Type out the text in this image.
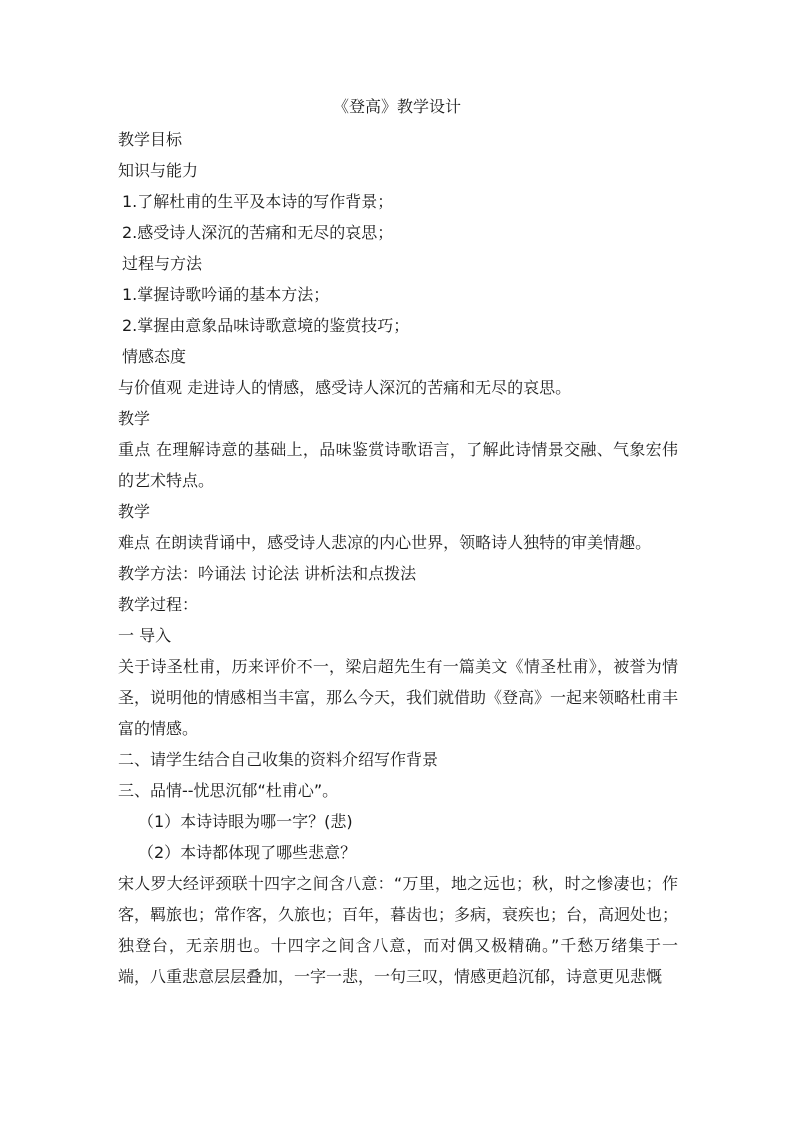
《登高》教学设计
教学目标
知识与能力
1.了解杜甫的生平及本诗的写作背景；
2.感受诗人深沉的苦痛和无尽的哀思；
过程与方法
1.掌握诗歌吟诵的基本方法；
2.掌握由意象品味诗歌意境的鉴赏技巧；
情感态度
与价值观 走进诗人的情感，感受诗人深沉的苦痛和无尽的哀思。
教学
重点 在理解诗意的基础上，品味鉴赏诗歌语言，了解此诗情景交融、气象宏伟的艺术特点。
教学
难点 在朗读背诵中，感受诗人悲凉的内心世界，领略诗人独特的审美情趣。
教学方法：吟诵法 讨论法 讲析法和点拨法
教学过程：
一 导入
关于诗圣杜甫，历来评价不一，梁启超先生有一篇美文《情圣杜甫》，被誉为情圣，说明他的情感相当丰富，那么今天，我们就借助《登高》一起来领略杜甫丰富的情感。
二、请学生结合自己收集的资料介绍写作背景
三、品情--忧思沉郁“杜甫心”。
（1）本诗诗眼为哪一字？(悲)
（2）本诗都体现了哪些悲意？
宋人罗大经评颈联十四字之间含八意：“万里，地之远也；秋，时之惨凄也；作客，羁旅也；常作客，久旅也；百年，暮齿也；多病，衰疾也；台，高迥处也；独登台，无亲朋也。十四字之间含八意，而对偶又极精确。”千愁万绪集于一端，八重悲意层层叠加，一字一悲，一句三叹，情感更趋沉郁，诗意更见悲慨
